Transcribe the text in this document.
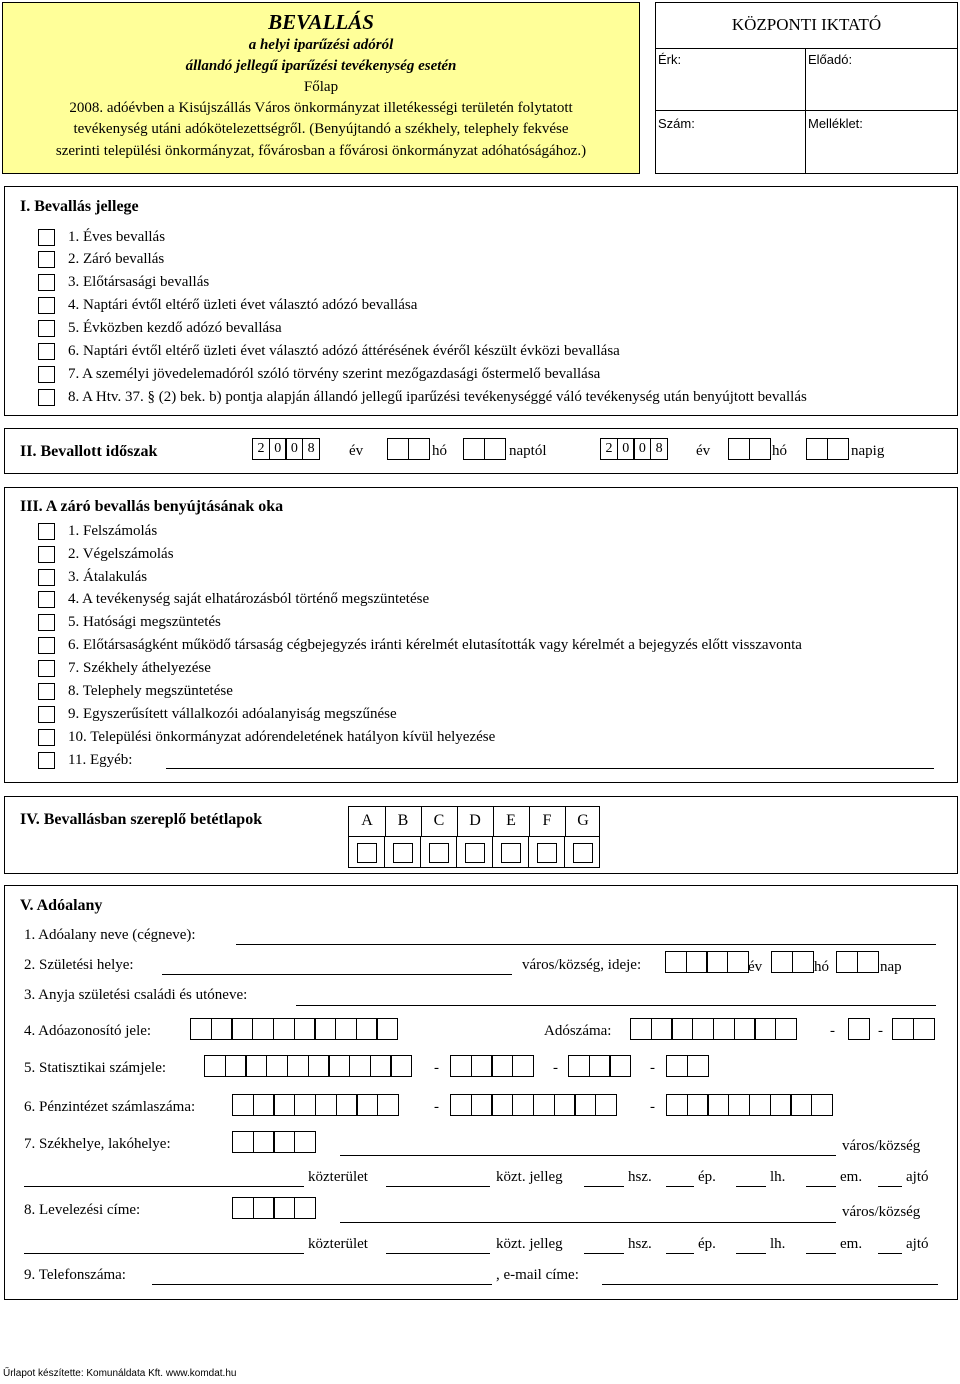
BEVALLÁS
a helyi iparűzési adóról
állandó jellegű iparűzési tevékenység esetén
Főlap
2008. adóévben a Kisújszállás Város önkormányzat illetékességi területén folytatott
tevékenység utáni adókötelezettségről. (Benyújtandó a székhely, telephely fekvése
szerinti települési önkormányzat, fővárosban a fővárosi önkormányzat adóhatóságához.)
KÖZPONTI IKTATÓ
Érk:	Előadó:
Szám:	Melléklet:
I. Bevallás jellege
1. Éves bevallás
2. Záró bevallás
3. Előtársasági bevallás
4. Naptári évtől eltérő üzleti évet választó adózó bevallása
5. Évközben kezdő adózó bevallása
6. Naptári évtől eltérő üzleti évet választó adózó áttérésének évéről készült évközi bevallása
7. A személyi jövedelemadóról szóló törvény szerint mezőgazdasági őstermelő bevallása
8. A Htv. 37. § (2) bek. b) pontja alapján állandó jellegű iparűzési tevékenységgé váló tevékenység után benyújtott bevallás
II. Bevallott időszak	2 0 0 8 év	hó	naptól	2 0 0 8 év	hó	napig
III. A záró bevallás benyújtásának oka
1. Felszámolás
2. Végelszámolás
3. Átalakulás
4. A tevékenység saját elhatározásból történő megszüntetése
5. Hatósági megszüntetés
6. Előtársaságként működő társaság cégbejegyzés iránti kérelmét elutasították vagy kérelmét a bejegyzés előtt visszavonta
7. Székhely áthelyezése
8. Telephely megszüntetése
9. Egyszerűsített vállalkozói adóalanyiság megszűnése
10. Települési önkormányzat adórendeletének hatályon kívül helyezése
11. Egyéb:
IV. Bevallásban szereplő betétlapok	A	B	C	D	E	F	G
V. Adóalany
1. Adóalany neve (cégneve):
2. Születési helye:	város/község, ideje:	év	hó	nap
3. Anyja születési családi és utóneve:
4. Adóazonosító jele:	Adószáma:	-	-
5. Statisztikai számjele:	-	-	-
6. Pénzintézet számlaszáma:	-	-
7. Székhelye, lakóhelye:	város/község
közterület	közt. jelleg	hsz.	ép.	lh.	em.	ajtó
8. Levelezési címe:	város/község
közterület	közt. jelleg	hsz.	ép.	lh.	em.	ajtó
9. Telefonszáma:	, e-mail címe:
Űrlapot készítette: Komunáldata Kft. www.komdat.hu
